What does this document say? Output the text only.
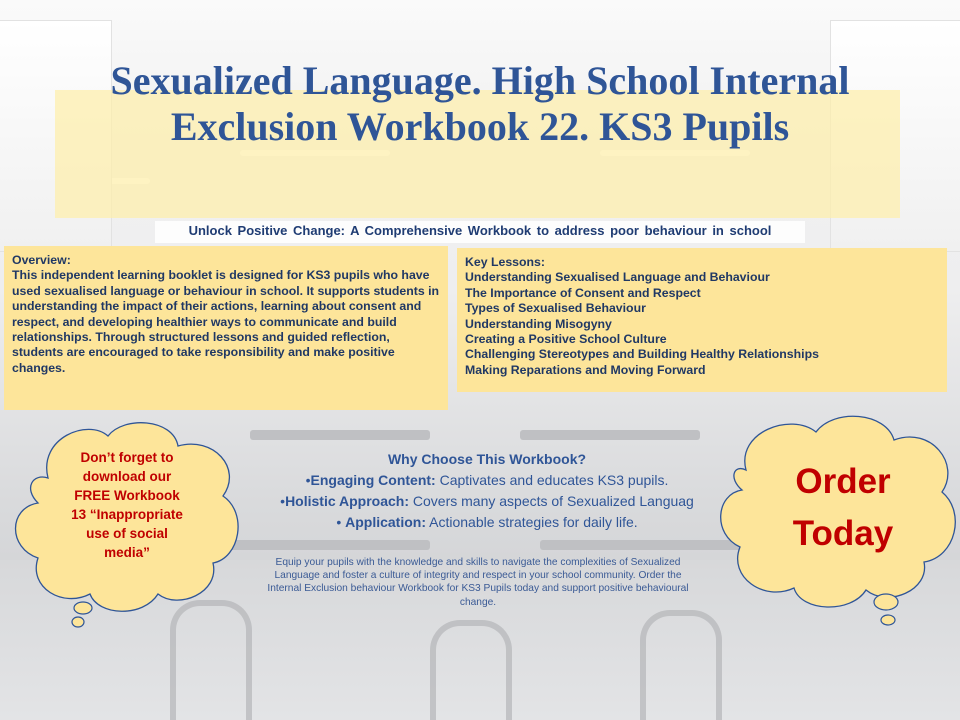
Sexualized Language. High School Internal Exclusion Workbook 22. KS3 Pupils
Unlock Positive Change: A Comprehensive Workbook to address poor behaviour in school
Overview:
This independent learning booklet is designed for KS3 pupils who have used sexualised language or behaviour in school. It supports students in understanding the impact of their actions, learning about consent and respect, and developing healthier ways to communicate and build relationships. Through structured lessons and guided reflection, students are encouraged to take responsibility and make positive changes.
Key Lessons:
Understanding Sexualised Language and Behaviour
The Importance of Consent and Respect
Types of Sexualised Behaviour
Understanding Misogyny
Creating a Positive School Culture
Challenging Stereotypes and Building Healthy Relationships
Making Reparations and Moving Forward
Don’t forget to
download our
FREE Workbook
13 “Inappropriate
use of social
media”
Order
Today
Why Choose This Workbook?
•Engaging Content: Captivates and educates KS3 pupils.
•Holistic Approach: Covers many aspects of Sexualized Languag
• Application: Actionable strategies for daily life.
Equip your pupils with the knowledge and skills to navigate the complexities of Sexualized Language and foster a culture of integrity and respect in your school community. Order the Internal Exclusion behaviour Workbook for KS3 Pupils today and support positive behavioural change.
